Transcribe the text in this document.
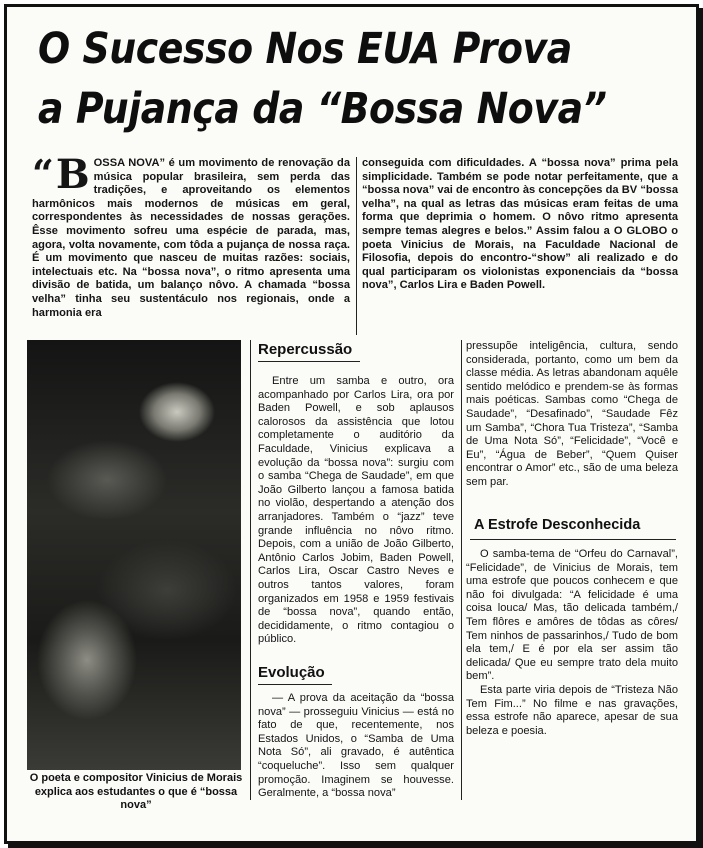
O Sucesso Nos EUA Prova
a Pujança da “Bossa Nova”
“ B OSSA NOVA” é um movimento de renovação da música popular brasileira, sem perda das tradições, e aproveitando os elementos harmônicos mais modernos de músicas em geral, correspondentes às necessidades de nossas gerações. Êsse movimento sofreu uma espécie de parada, mas, agora, volta novamente, com tôda a pujança de nossa raça. É um movimento que nasceu de muitas razões: sociais, intelectuais etc. Na “bossa nova”, o ritmo apresenta uma divisão de batida, um balanço nôvo. A chamada “bossa velha” tinha seu sustentáculo nos regionais, onde a harmonia era
conseguida com dificuldades. A “bossa nova” prima pela simplicidade. Também se pode notar perfeitamente, que a “bossa nova” vai de encontro às concepções da BV “bossa velha”, na qual as letras das músicas eram feitas de uma forma que deprimia o homem. O nôvo ritmo apresenta sempre temas alegres e belos.” Assim falou a O GLOBO o poeta Vinicius de Morais, na Faculdade Nacional de Filosofia, depois do encontro-“show” ali realizado e do qual participaram os violonistas exponenciais da “bossa nova”, Carlos Lira e Baden Powell.
O poeta e compositor Vinicius de Morais explica aos estudantes o que é “bossa nova”
Repercussão
Entre um samba e outro, ora acompanhado por Carlos Lira, ora por Baden Powell, e sob aplausos calorosos da assistência que lotou completamente o auditório da Faculdade, Vinicius explicava a evolução da “bossa nova”: surgiu com o samba “Chega de Saudade”, em que João Gilberto lançou a famosa batida no violão, despertando a atenção dos arranjadores. Também o “jazz” teve grande influência no nôvo ritmo. Depois, com a união de João Gilberto, Antônio Carlos Jobim, Baden Powell, Carlos Lira, Oscar Castro Neves e outros tantos valores, foram organizados em 1958 e 1959 festivais de “bossa nova”, quando então, decididamente, o ritmo contagiou o público.
Evolução
— A prova da aceitação da “bossa nova” — prosseguiu Vinicius — está no fato de que, recentemente, nos Estados Unidos, o “Samba de Uma Nota Só”, ali gravado, é autêntica “coqueluche”. Isso sem qualquer promoção. Imaginem se houvesse. Geralmente, a “bossa nova”
pressupõe inteligência, cultura, sendo considerada, portanto, como um bem da classe média. As letras abandonam aquêle sentido melódico e prendem-se às formas mais poéticas. Sambas como “Chega de Saudade”, “Desafinado”, “Saudade Fêz um Samba”, “Chora Tua Tristeza”, “Samba de Uma Nota Só”, “Felicidade”, “Você e Eu”, “Água de Beber”, “Quem Quiser encontrar o Amor” etc., são de uma beleza sem par.
A Estrofe Desconhecida

O samba-tema de “Orfeu do Carnaval”, “Felicidade”, de Vinicius de Morais, tem uma estrofe que poucos conhecem e que não foi divulgada: “A felicidade é uma coisa louca/ Mas, tão delicada também,/ Tem flôres e amôres de tôdas as côres/ Tem ninhos de passarinhos,/ Tudo de bom ela tem,/ E é por ela ser assim tão delicada/ Que eu sempre trato dela muito bem”.

Esta parte viria depois de “Tristeza Não Tem Fim...” No filme e nas gravações, essa estrofe não aparece, apesar de sua beleza e poesia.
